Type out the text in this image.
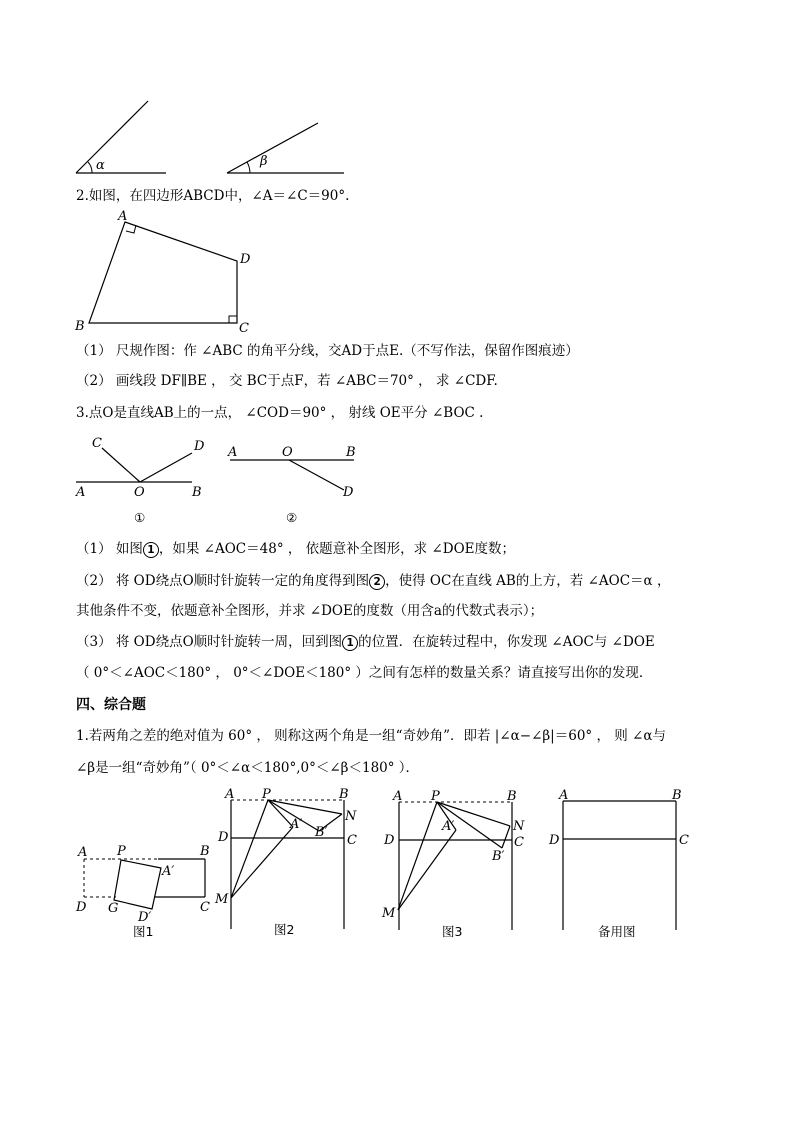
α	β
2.如图，在四边形ABCD中，∠A＝∠C＝90°.
A
D
B	C
（1） 尺规作图：作 ∠ABC 的角平分线，交AD于点E.（不写作法，保留作图痕迹）
（2） 画线段 DF∥BE ， 交 BC于点F，若 ∠ABC＝70° ， 求 ∠CDF.
3.点O是直线AB上的一点， ∠COD＝90° ， 射线 OE平分 ∠BOC .
C	D
A	O	B
①
A	O	B
D
②
（1） 如图 1 ，如果 ∠AOC＝48° ， 依题意补全图形，求 ∠DOE度数；
（2） 将 OD绕点O顺时针旋转一定的角度得到图 2 ，使得 OC在直线 AB的上方，若 ∠AOC＝α ，
其他条件不变，依题意补全图形，并求 ∠DOE的度数（用含a的代数式表示）；
（3） 将 OD绕点O顺时针旋转一周，回到图 1 的位置．在旋转过程中，你发现 ∠AOC与 ∠DOE
（ 0°＜∠AOC＜180° ， 0°＜∠DOE＜180° ）之间有怎样的数量关系？请直接写出你的发现．
四、综合题
1.若两角之差的绝对值为 60° ， 则称这两个角是一组“奇妙角”．即若 |∠α−∠β|＝60° ， 则 ∠α与
∠β是一组“奇妙角”（ 0°＜∠α＜180°,0°＜∠β＜180° ）．
A P	B
A′
D G
D′
C
图1
A P	B
N
A′
B′
D	C
M
图2
A P	B
A′	N
D	C
B′
M
图3
A	B
D	C
备用图
